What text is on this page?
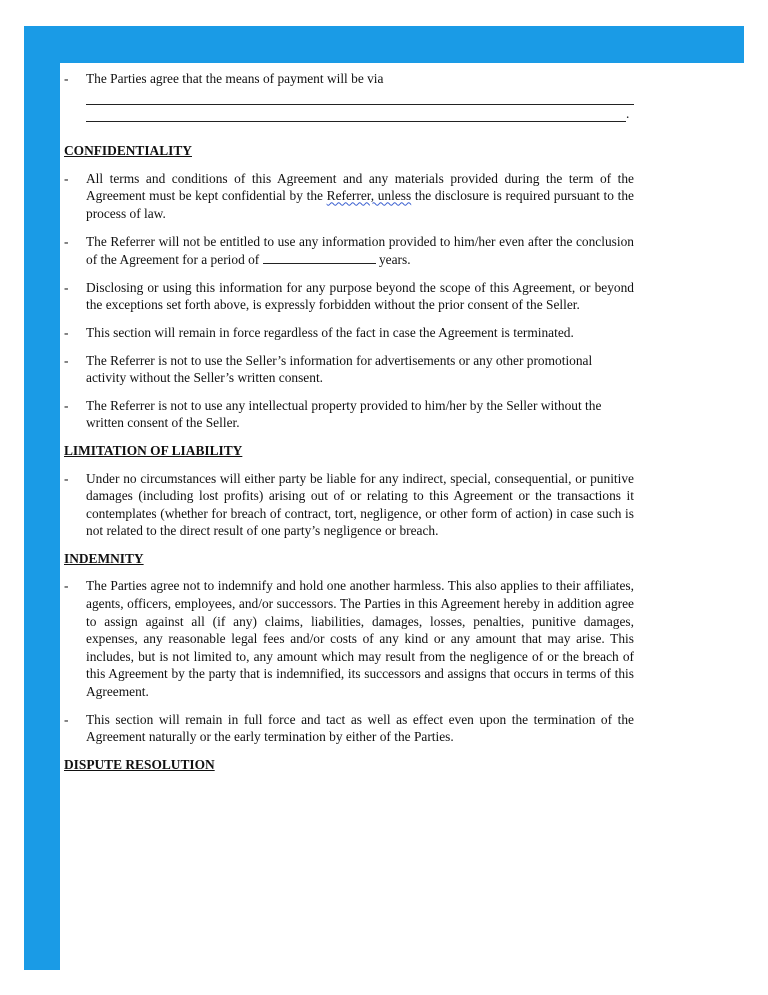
- The Parties agree that the means of payment will be via
.
CONFIDENTIALITY
- All terms and conditions of this Agreement and any materials provided during the term of the Agreement must be kept confidential by the Referrer, unless the disclosure is required pursuant to the process of law.
- The Referrer will not be entitled to use any information provided to him/her even after the conclusion of the Agreement for a period of	years.
- Disclosing or using this information for any purpose beyond the scope of this Agreement, or beyond the exceptions set forth above, is expressly forbidden without the prior consent of the Seller.
- This section will remain in force regardless of the fact in case the Agreement is terminated.
- The Referrer is not to use the Seller’s information for advertisements or any other promotional activity without the Seller’s written consent.
- The Referrer is not to use any intellectual property provided to him/her by the Seller without the written consent of the Seller.
LIMITATION OF LIABILITY
- Under no circumstances will either party be liable for any indirect, special, consequential, or punitive damages (including lost profits) arising out of or relating to this Agreement or the transactions it contemplates (whether for breach of contract, tort, negligence, or other form of action) in case such is not related to the direct result of one party’s negligence or breach.
INDEMNITY
- The Parties agree not to indemnify and hold one another harmless. This also applies to their affiliates, agents, officers, employees, and/or successors. The Parties in this Agreement hereby in addition agree to assign against all (if any) claims, liabilities, damages, losses, penalties, punitive damages, expenses, any reasonable legal fees and/or costs of any kind or any amount that may arise. This includes, but is not limited to, any amount which may result from the negligence of or the breach of this Agreement by the party that is indemnified, its successors and assigns that occurs in terms of this Agreement.
- This section will remain in full force and tact as well as effect even upon the termination of the Agreement naturally or the early termination by either of the Parties.
DISPUTE RESOLUTION
